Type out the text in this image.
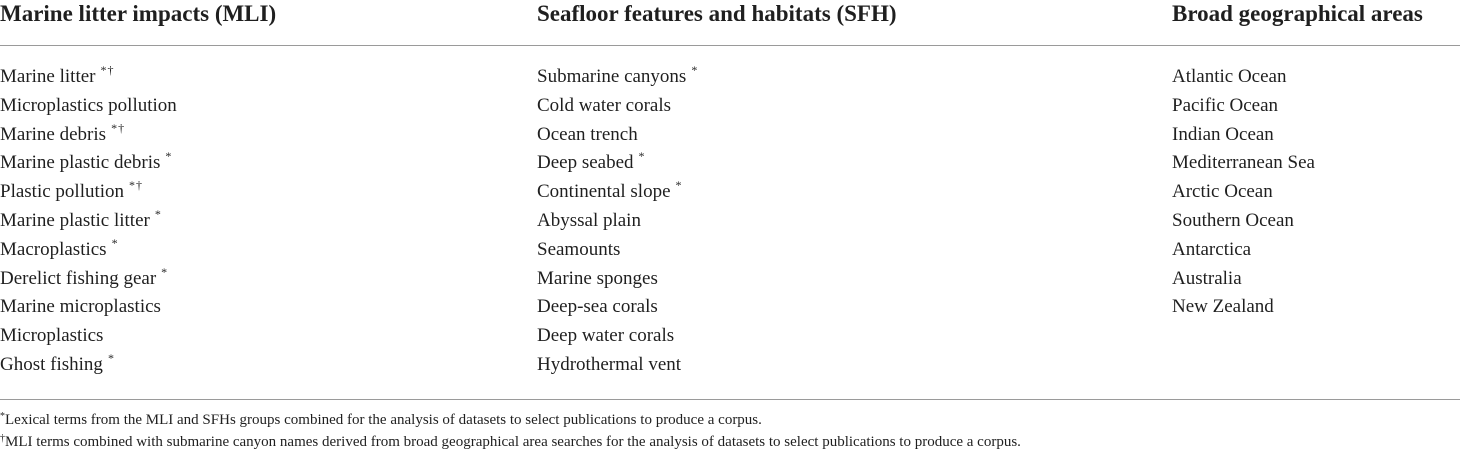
Marine litter impacts (MLI)	Seafloor features and habitats (SFH)	Broad geographical areas
Marine litter *†
Microplastics pollution
Marine debris *†
Marine plastic debris *
Plastic pollution *†
Marine plastic litter *
Macroplastics *
Derelict fishing gear *
Marine microplastics
Microplastics
Ghost fishing *
Submarine canyons *
Cold water corals
Ocean trench
Deep seabed *
Continental slope *
Abyssal plain
Seamounts
Marine sponges
Deep-sea corals
Deep water corals
Hydrothermal vent
Atlantic Ocean
Pacific Ocean
Indian Ocean
Mediterranean Sea
Arctic Ocean
Southern Ocean
Antarctica
Australia
New Zealand
*Lexical terms from the MLI and SFHs groups combined for the analysis of datasets to select publications to produce a corpus.
†MLI terms combined with submarine canyon names derived from broad geographical area searches for the analysis of datasets to select publications to produce a corpus.
